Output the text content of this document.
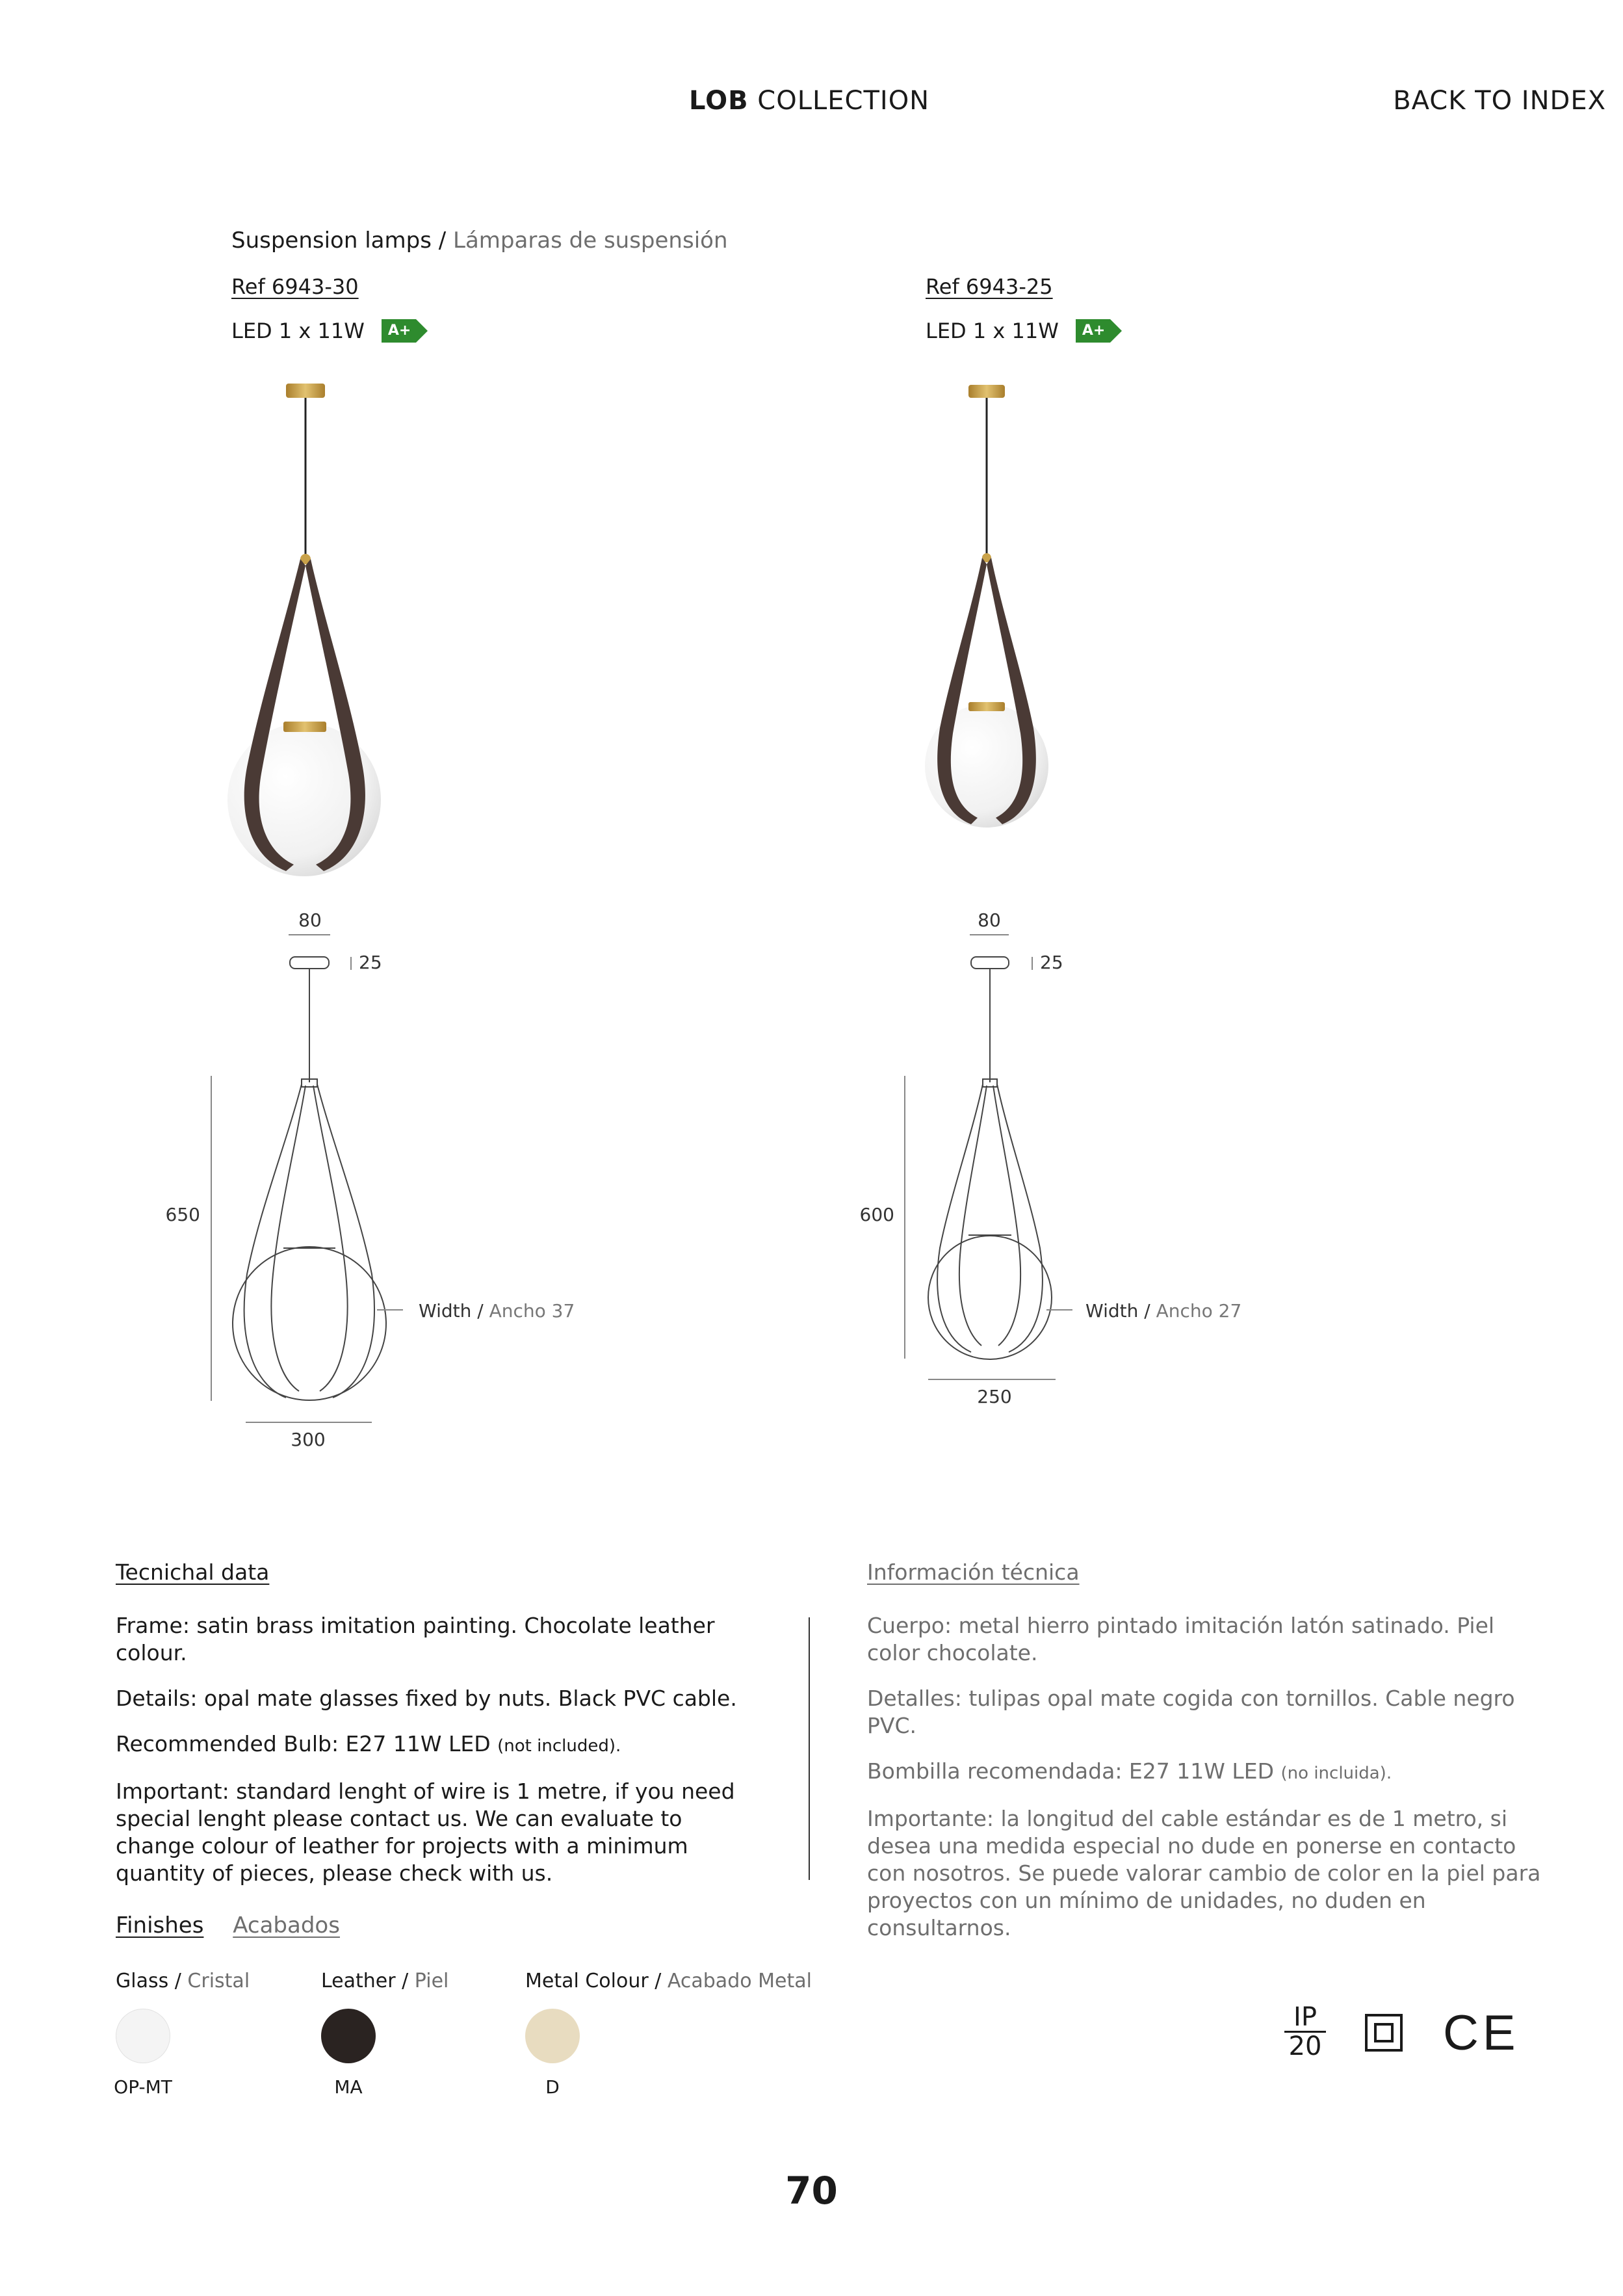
LOB COLLECTION	BACK TO INDEX
Suspension lamps / Lámparas de suspensión
Ref 6943-30
LED 1 x 11W	A+
Ref 6943-25
LED 1 x 11W	A+
80
25
650
300
Width / Ancho 37
80
25
600
250
Width / Ancho 27
Tecnichal data

Frame: satin brass imitation painting. Chocolate leather colour.

Details: opal mate glasses fixed by nuts. Black PVC cable.

Recommended Bulb: E27 11W LED (not included).

Important: standard lenght of wire is 1 metre, if you need special lenght please contact us. We can evaluate to change colour of leather for projects with a minimum quantity of pieces, please check with us.

Información técnica

Cuerpo: metal hierro pintado imitación latón satinado. Piel color chocolate.

Detalles: tulipas opal mate cogida con tornillos. Cable negro PVC.

Bombilla recomendada: E27 11W LED (no incluida).

Importante: la longitud del cable estándar es de 1 metro, si desea una medida especial no dude en ponerse en contacto con nosotros. Se puede valorar cambio de color en la piel para proyectos con un mínimo de unidades, no duden en consultarnos.

Finishes Acabados
Glass / Cristal	Leather / Piel	Metal Colour / Acabado Metal
OP-MT	MA	D
IP
20 CE
70
